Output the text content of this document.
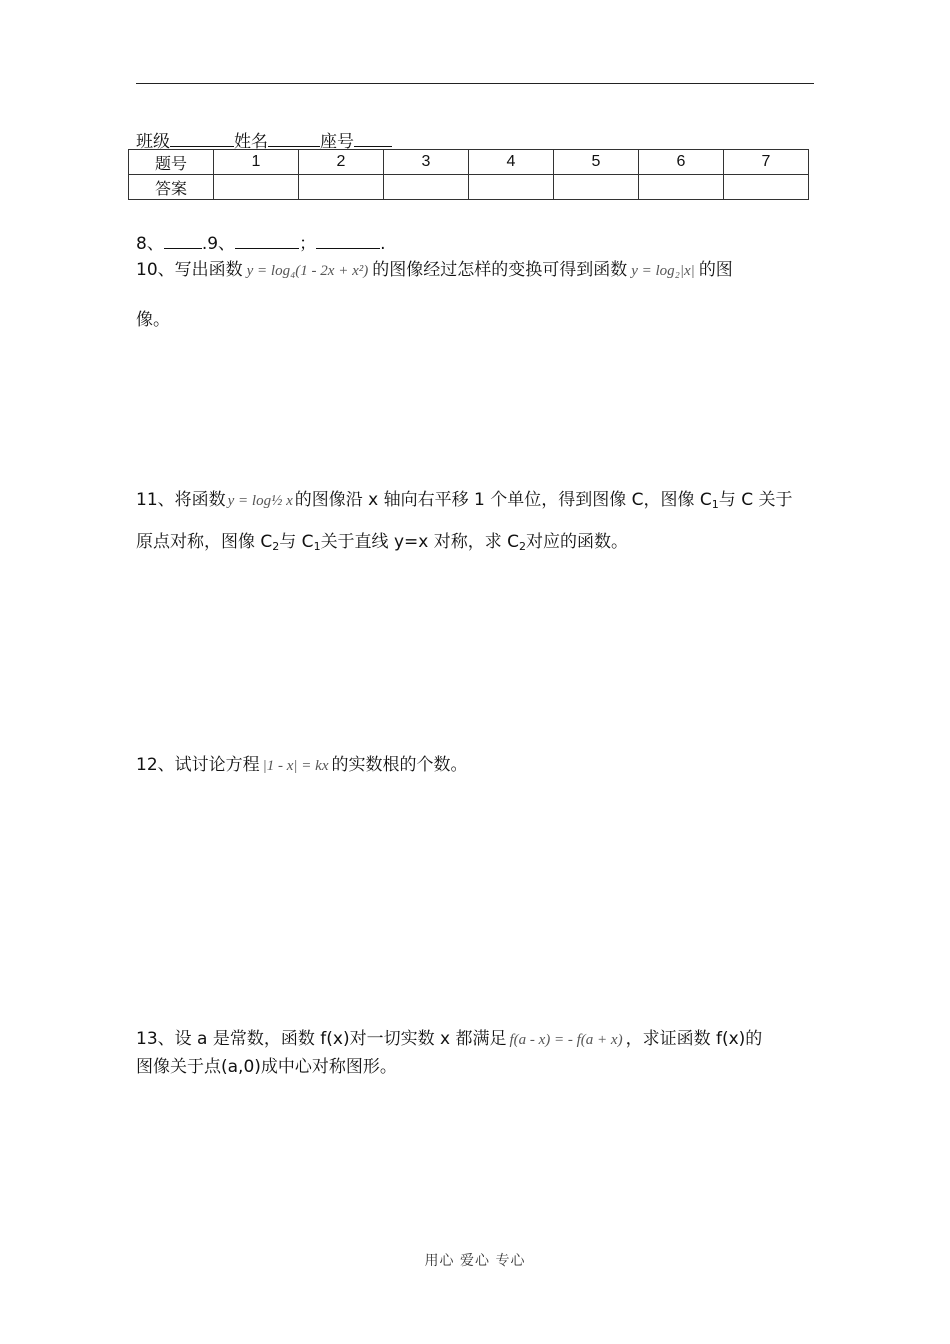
班级	姓名	座号
题号	1	2	3	4	5	6	7
答案							
8、 .9、	；	.
10、写出函数 y = log₄(1 - 2x + x²) 的图像经过怎样的变换可得到函数 y = log₂|x| 的图
像。
11、将函数 y = log½ x 的图像沿 x 轴向右平移 1 个单位，得到图像 C，图像 $C_1$与 C 关于
原点对称，图像 $C_2$与 $C_1$关于直线 y=x 对称，求 $C_2$对应的函数。
12、试讨论方程 |1 - x| = kx 的实数根的个数。
13、设 a 是常数，函数 f(x)对一切实数 x 都满足 f(a - x) = - f(a + x) ，求证函数 f(x)的
图像关于点(a,0)成中心对称图形。
用心 爱心 专心
